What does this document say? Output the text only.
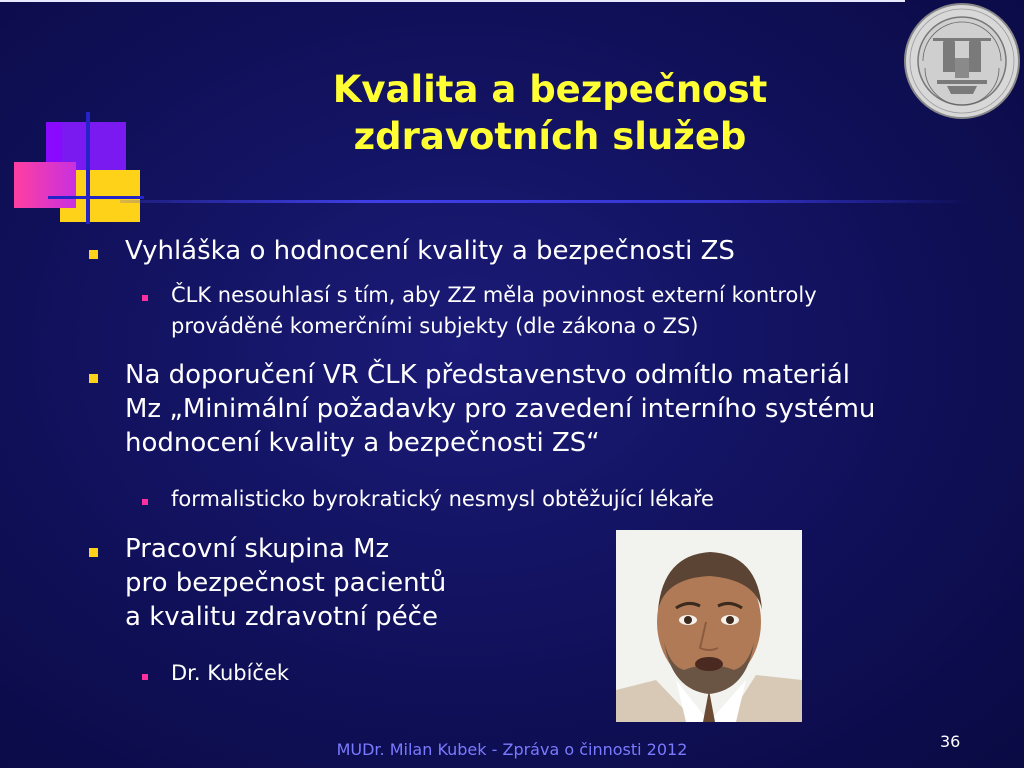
Kvalita a bezpečnost
zdravotních služeb
Vyhláška o hodnocení kvality a bezpečnosti ZS
ČLK nesouhlasí s tím, aby ZZ měla povinnost externí kontroly
prováděné komerčními subjekty (dle zákona o ZS)
Na doporučení VR ČLK představenstvo odmítlo materiál
Mz „Minimální požadavky pro zavedení interního systému
hodnocení kvality a bezpečnosti ZS“
formalisticko byrokratický nesmysl obtěžující lékaře
Pracovní skupina Mz
pro bezpečnost pacientů
a kvalitu zdravotní péče
Dr. Kubíček
MUDr. Milan Kubek - Zpráva o činnosti 2012	36
